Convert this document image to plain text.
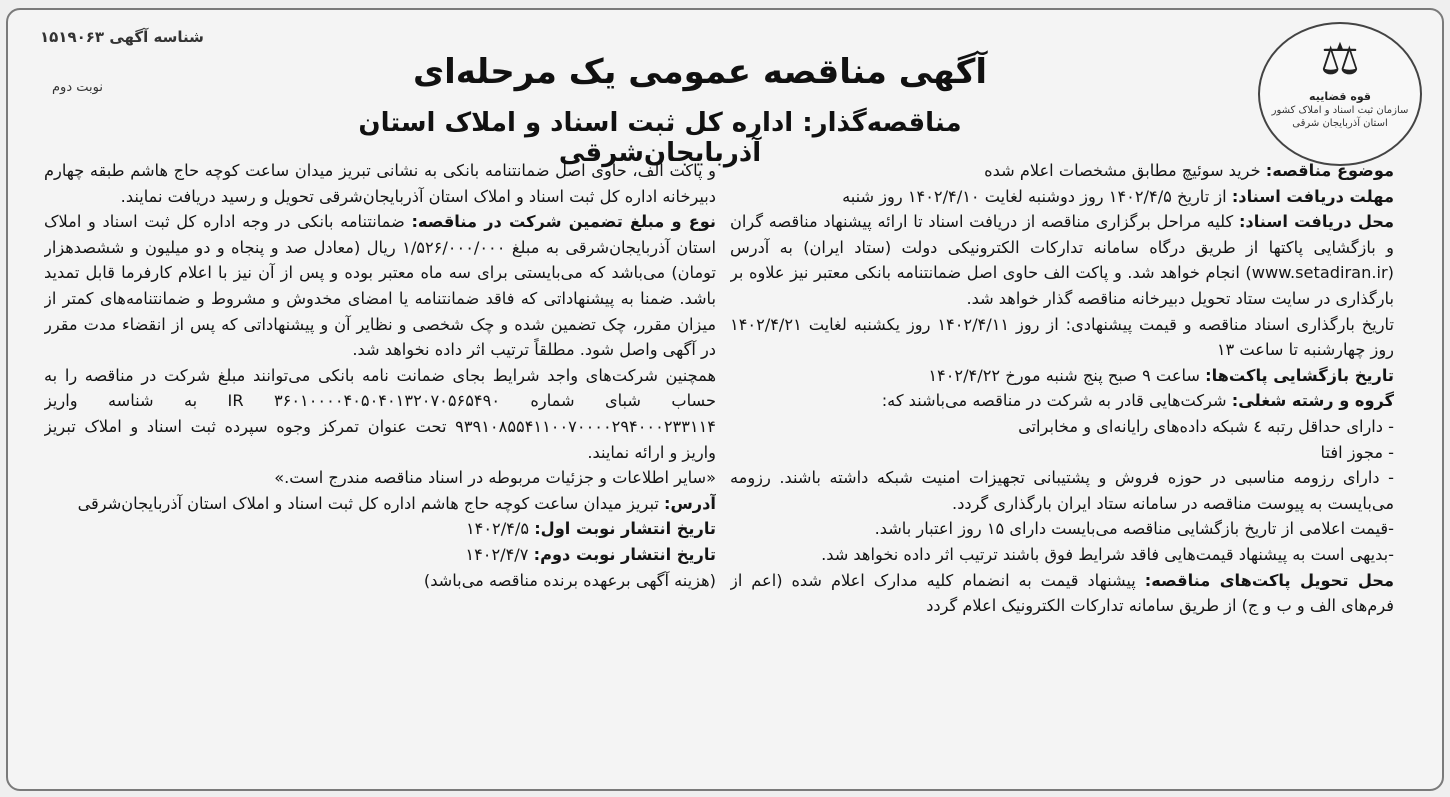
شناسه آگهی ۱۵۱۹۰۶۳
نوبت دوم	آگهی مناقصه عمومی یک مرحله‌ای
مناقصه‌گذار: اداره کل ثبت اسناد و املاک استان آذربایجان‌شرقی
⚖
قوه قضاییه
سازمان ثبت اسناد و املاک کشور
استان آذربایجان شرقی

موضوع مناقصه: خرید سوئیچ مطابق مشخصات اعلام شده

مهلت دریافت اسناد: از تاریخ ۱۴۰۲/۴/۵ روز دوشنبه لغایت ۱۴۰۲/۴/۱۰ روز شنبه

محل دریافت اسناد: کلیه مراحل برگزاری مناقصه از دریافت اسناد تا ارائه پیشنهاد مناقصه گران و بازگشایی پاکتها از طریق درگاه سامانه تدارکات الکترونیکی دولت (ستاد ایران) به آدرس (www.setadiran.ir) انجام خواهد شد. و پاکت الف حاوی اصل ضمانتنامه بانکی معتبر نیز علاوه بر بارگذاری در سایت ستاد تحویل دبیرخانه مناقصه گذار خواهد شد.

تاریخ بارگذاری اسناد مناقصه و قیمت پیشنهادی: از روز ۱۴۰۲/۴/۱۱ روز یکشنبه لغایت ۱۴۰۲/۴/۲۱ روز چهارشنبه تا ساعت ۱۳

تاریخ بازگشایی پاکت‌ها: ساعت ۹ صبح پنج شنبه مورخ ۱۴۰۲/۴/۲۲

گروه و رشته شغلی: شرکت‌هایی قادر به شرکت در مناقصه می‌باشند که:

- دارای حداقل رتبه ٤ شبکه داده‌های رایانه‌ای و مخابراتی

- مجوز افتا

- دارای رزومه مناسبی در حوزه فروش و پشتیبانی تجهیزات امنیت شبکه داشته باشند. رزومه می‌بایست به پیوست مناقصه در سامانه ستاد ایران بارگذاری گردد.

-قیمت اعلامی از تاریخ بازگشایی مناقصه می‌بایست دارای ۱۵ روز اعتبار باشد.

-بدیهی است به پیشنهاد قیمت‌هایی فاقد شرایط فوق باشند ترتیب اثر داده نخواهد شد.

محل تحویل پاکت‌های مناقصه: پیشنهاد قیمت به انضمام کلیه مدارک اعلام شده (اعم از فرم‌های الف و ب و ج) از طریق سامانه تدارکات الکترونیک اعلام گردد

و پاکت الف، حاوی اصل ضمانتنامه بانکی به نشانی تبریز میدان ساعت کوچه حاج هاشم طبقه چهارم دبیرخانه اداره کل ثبت اسناد و املاک استان آذربایجان‌شرقی تحویل و رسید دریافت نمایند.

نوع و مبلغ تضمین شرکت در مناقصه: ضمانتنامه بانکی در وجه اداره کل ثبت اسناد و املاک استان آذربایجان‌شرقی به مبلغ ۱/۵۲۶/۰۰۰/۰۰۰ ریال (معادل صد و پنجاه و دو میلیون و ششصدهزار تومان) می‌باشد که می‌بایستی برای سه ماه معتبر بوده و پس از آن نیز با اعلام کارفرما قابل تمدید باشد. ضمنا به پیشنهاداتی که فاقد ضمانتنامه یا امضای مخدوش و مشروط و ضمانتنامه‌های کمتر از میزان مقرر، چک تضمین شده و چک شخصی و نظایر آن و پیشنهاداتی که پس از انقضاء مدت مقرر در آگهی واصل شود. مطلقاً ترتیب اثر داده نخواهد شد.

همچنین شرکت‌های واجد شرایط بجای ضمانت نامه بانکی می‌توانند مبلغ شرکت در مناقصه را به حساب شبای شماره IR ۳۶۰۱۰۰۰۰۴۰۵۰۴۰۱۳۲۰۷۰۵۶۵۴۹۰ به شناسه واریز ۹۳۹۱۰۸۵۵۴۱۱۰۰۷۰۰۰۰۲۹۴۰۰۰۲۳۳۱۱۴ تحت عنوان تمرکز وجوه سپرده ثبت اسناد و املاک تبریز واریز و ارائه نمایند.

«سایر اطلاعات و جزئیات مربوطه در اسناد مناقصه مندرج است.»

آدرس: تبریز میدان ساعت کوچه حاج هاشم اداره کل ثبت اسناد و املاک استان آذربایجان‌شرقی

تاریخ انتشار نوبت اول: ۱۴۰۲/۴/۵

تاریخ انتشار نوبت دوم: ۱۴۰۲/۴/۷

(هزینه آگهی برعهده برنده مناقصه می‌باشد)
